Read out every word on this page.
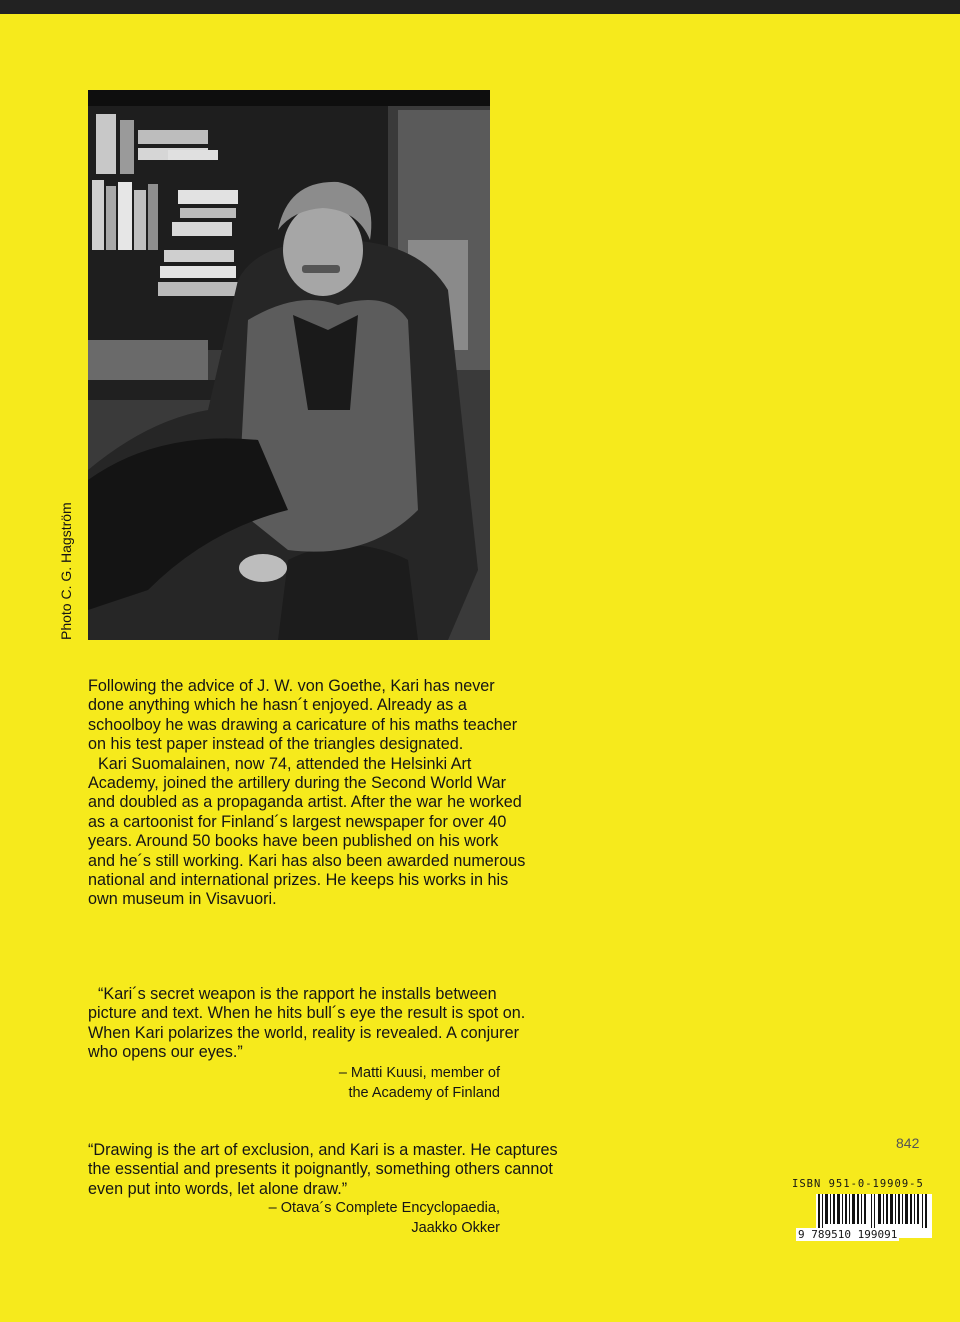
Photo C. G. Hagström

Following the advice of J. W. von Goethe, Kari has never done anything which he hasn´t enjoyed. Already as a schoolboy he was drawing a caricature of his maths teacher on his test paper instead of the triangles designated.

Kari Suomalainen, now 74, attended the Helsinki Art Academy, joined the artillery during the Second World War and doubled as a propaganda artist. After the war he worked as a cartoonist for Finland´s largest newspaper for over 40 years. Around 50 books have been published on his work and he´s still working. Kari has also been awarded numerous national and international prizes. He keeps his works in his own museum in Visavuori.

“Kari´s secret weapon is the rapport he installs between picture and text. When he hits bull´s eye the result is spot on. When Kari polarizes the world, reality is revealed. A conjurer who opens our eyes.”
– Matti Kuusi, member of
the Academy of Finland
“Drawing is the art of exclusion, and Kari is a master. He captures the essential and presents it poignantly, something others cannot even put into words, let alone draw.”
– Otava´s Complete Encyclopaedia,
Jaakko Okker
842
ISBN 951-0-19909-5
9 789510 199091
